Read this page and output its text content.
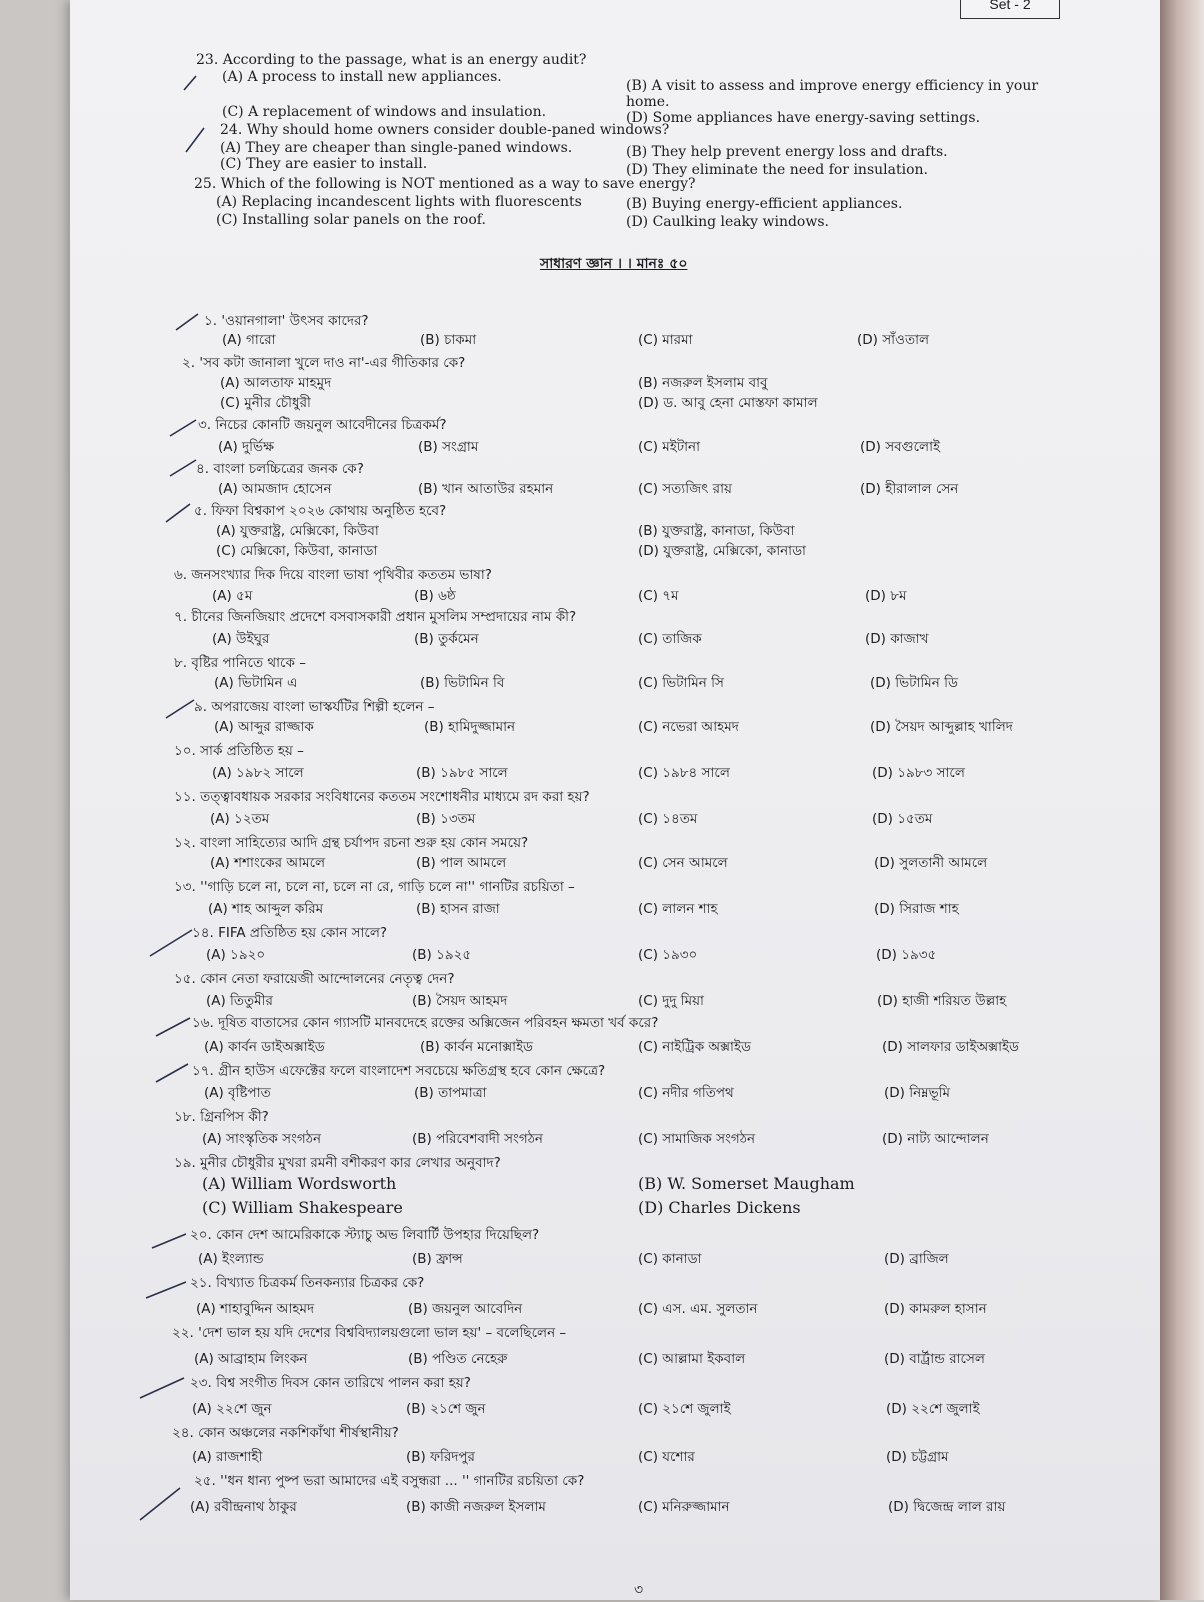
Set - 2
23. According to the passage, what is an energy audit?
(A) A process to install new appliances.
(B) A visit to assess and improve energy efficiency in your
home.
(C) A replacement of windows and insulation.	(D) Some appliances have energy-saving settings.
24. Why should home owners consider double-paned windows?
(A) They are cheaper than single-paned windows.	(B) They help prevent energy loss and drafts.
(C) They are easier to install.	(D) They eliminate the need for insulation.
25. Which of the following is NOT mentioned as a way to save energy?
(A) Replacing incandescent lights with fluorescents	(B) Buying energy-efficient appliances.
(C) Installing solar panels on the roof.	(D) Caulking leaky windows.
সাধারণ জ্ঞান । । মানঃ ৫০
১. 'ওয়ানগালা' উৎসব কাদের?
(A) গারো	(B) চাকমা	(C) মারমা	(D) সাঁওতাল
২. 'সব কটা জানালা খুলে দাও না'-এর গীতিকার কে?
(A) আলতাফ মাহমুদ	(B) নজরুল ইসলাম বাবু
(C) মুনীর চৌধুরী	(D) ড. আবু হেনা মোস্তফা কামাল
৩. নিচের কোনটি জয়নুল আবেদীনের চিত্রকর্ম?
(A) দুর্ভিক্ষ	(B) সংগ্রাম	(C) মইটানা	(D) সবগুলোই
৪. বাংলা চলচ্চিত্রের জনক কে?
(A) আমজাদ হোসেন	(B) খান আতাউর রহমান	(C) সত্যজিৎ রায়	(D) হীরালাল সেন
৫. ফিফা বিশ্বকাপ ২০২৬ কোথায় অনুষ্ঠিত হবে?
(A) যুক্তরাষ্ট্র, মেক্সিকো, কিউবা	(B) যুক্তরাষ্ট্র, কানাডা, কিউবা
(C) মেক্সিকো, কিউবা, কানাডা	(D) যুক্তরাষ্ট্র, মেক্সিকো, কানাডা
৬. জনসংখ্যার দিক দিয়ে বাংলা ভাষা পৃথিবীর কততম ভাষা?
(A) ৫ম	(B) ৬ষ্ঠ	(C) ৭ম	(D) ৮ম
৭. চীনের জিনজিয়াং প্রদেশে বসবাসকারী প্রধান মুসলিম সম্প্রদায়ের নাম কী?
(A) উইঘুর	(B) তুর্কমেন	(C) তাজিক	(D) কাজাখ
৮. বৃষ্টির পানিতে থাকে –
(A) ভিটামিন এ	(B) ভিটামিন বি	(C) ভিটামিন সি	(D) ভিটামিন ডি
৯. অপরাজেয় বাংলা ভাস্কর্যটির শিল্পী হলেন –
(A) আব্দুর রাজ্জাক	(B) হামিদুজ্জামান	(C) নভেরা আহমদ	(D) সৈয়দ আব্দুল্লাহ খালিদ
১০. সার্ক প্রতিষ্ঠিত হয় –
(A) ১৯৮২ সালে	(B) ১৯৮৫ সালে	(C) ১৯৮৪ সালে	(D) ১৯৮৩ সালে
১১. তত্ত্বাবধায়ক সরকার সংবিধানের কততম সংশোধনীর মাধ্যমে রদ করা হয়?
(A) ১২তম	(B) ১৩তম	(C) ১৪তম	(D) ১৫তম
১২. বাংলা সাহিত্যের আদি গ্রন্থ চর্যাপদ রচনা শুরু হয় কোন সময়ে?
(A) শশাংকের আমলে	(B) পাল আমলে	(C) সেন আমলে	(D) সুলতানী আমলে
১৩. ''গাড়ি চলে না, চলে না, চলে না রে, গাড়ি চলে না'' গানটির রচয়িতা –
(A) শাহ আব্দুল করিম	(B) হাসন রাজা	(C) লালন শাহ	(D) সিরাজ শাহ
১৪. FIFA প্রতিষ্ঠিত হয় কোন সালে?
(A) ১৯২০	(B) ১৯২৫	(C) ১৯৩০	(D) ১৯৩৫
১৫. কোন নেতা ফরায়েজী আন্দোলনের নেতৃত্ব দেন?
(A) তিতুমীর	(B) সৈয়দ আহমদ	(C) দুদু মিয়া	(D) হাজী শরিয়ত উল্লাহ
১৬. দূষিত বাতাসের কোন গ্যাসটি মানবদেহে রক্তের অক্সিজেন পরিবহন ক্ষমতা খর্ব করে?
(A) কার্বন ডাইঅক্সাইড	(B) কার্বন মনোক্সাইড	(C) নাইট্রিক অক্সাইড	(D) সালফার ডাইঅক্সাইড
১৭. গ্রীন হাউস এফেক্টের ফলে বাংলাদেশ সবচেয়ে ক্ষতিগ্রস্থ হবে কোন ক্ষেত্রে?
(A) বৃষ্টিপাত	(B) তাপমাত্রা	(C) নদীর গতিপথ	(D) নিম্নভূমি
১৮. গ্রিনপিস কী?
(A) সাংস্কৃতিক সংগঠন	(B) পরিবেশবাদী সংগঠন	(C) সামাজিক সংগঠন	(D) নাট্য আন্দোলন
১৯. মুনীর চৌধুরীর মুখরা রমনী বশীকরণ কার লেখার অনুবাদ?
(A) William Wordsworth	(B) W. Somerset Maugham
(C) William Shakespeare	(D) Charles Dickens
২০. কোন দেশ আমেরিকাকে স্ট্যাচু অভ লিবার্টি উপহার দিয়েছিল?
(A) ইংল্যান্ড	(B) ফ্রান্স	(C) কানাডা	(D) ব্রাজিল
২১. বিখ্যাত চিত্রকর্ম তিনকন্যার চিত্রকর কে?
(A) শাহাবুদ্দিন আহমদ	(B) জয়নুল আবেদিন	(C) এস. এম. সুলতান	(D) কামরুল হাসান
২২. 'দেশ ভাল হয় যদি দেশের বিশ্ববিদ্যালয়গুলো ভাল হয়' – বলেছিলেন –
(A) আব্রাহাম লিংকন	(B) পণ্ডিত নেহেরু	(C) আল্লামা ইকবাল	(D) বার্ট্রান্ড রাসেল
২৩. বিশ্ব সংগীত দিবস কোন তারিখে পালন করা হয়?
(A) ২২শে জুন	(B) ২১শে জুন	(C) ২১শে জুলাই	(D) ২২শে জুলাই
২৪. কোন অঞ্চলের নকশিকাঁথা শীর্ষস্থানীয়?
(A) রাজশাহী	(B) ফরিদপুর	(C) যশোর	(D) চট্টগ্রাম
২৫. ''ধন ধান্য পুষ্প ভরা আমাদের এই বসুন্ধরা ... '' গানটির রচয়িতা কে?
(A) রবীন্দ্রনাথ ঠাকুর	(B) কাজী নজরুল ইসলাম	(C) মনিরুজ্জামান	(D) দ্বিজেন্দ্র লাল রায়
৩
